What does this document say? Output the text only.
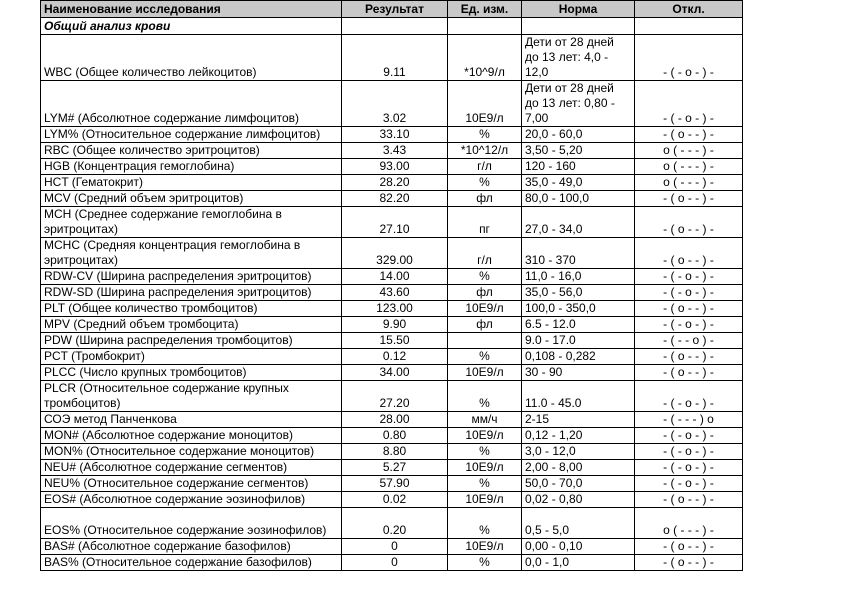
Наименование исследования	Результат	Ед. изм.	Норма	Откл.
Общий анализ крови				
WBC (Общее количество лейкоцитов)	9.11	*10^9/л	Дети от 28 дней
до 13 лет: 4,0 -
12,0	- ( - o - ) -
LYM# (Абсолютное содержание лимфоцитов)	3.02	10E9/л	Дети от 28 дней
до 13 лет: 0,80 -
7,00	- ( - o - ) -
LYM% (Относительное содержание лимфоцитов)	33.10	%	20,0 - 60,0	- ( o - - ) -
RBC (Общее количество эритроцитов)	3.43	*10^12/л	3,50 - 5,20	o ( - - - ) -
HGB (Концентрация гемоглобина)	93.00	г/л	120 - 160	o ( - - - ) -
HCT (Гематокрит)	28.20	%	35,0 - 49,0	o ( - - - ) -
MCV (Средний объем эритроцитов)	82.20	фл	80,0 - 100,0	- ( o - - ) -
MCH (Среднее содержание гемоглобина в эритроцитах)	27.10	пг	27,0 - 34,0	- ( o - - ) -
MCHC (Средняя концентрация гемоглобина в эритроцитах)	329.00	г/л	310 - 370	- ( o - - ) -
RDW-CV (Ширина распределения эритроцитов)	14.00	%	11,0 - 16,0	- ( - o - ) -
RDW-SD (Ширина распределения эритроцитов)	43.60	фл	35,0 - 56,0	- ( - o - ) -
PLT (Общее количество тромбоцитов)	123.00	10E9/л	100,0 - 350,0	- ( o - - ) -
MPV (Средний объем тромбоцита)	9.90	фл	6.5 - 12.0	- ( - o - ) -
PDW (Ширина распределения тромбоцитов)	15.50		9.0 - 17.0	- ( - - o ) -
PCT (Тромбокрит)	0.12	%	0,108 - 0,282	- ( o - - ) -
PLCC (Число крупных тромбоцитов)	34.00	10E9/л	30 - 90	- ( o - - ) -
PLCR (Относительное содержание крупных тромбоцитов)	27.20	%	11.0 - 45.0	- ( - o - ) -
СОЭ метод Панченкова	28.00	мм/ч	2-15	- ( - - - ) o
MON# (Абсолютное содержание моноцитов)	0.80	10E9/л	0,12 - 1,20	- ( - o - ) -
MON% (Относительное содержание моноцитов)	8.80	%	3,0 - 12,0	- ( - o - ) -
NEU# (Абсолютное содержание сегментов)	5.27	10E9/л	2,00 - 8,00	- ( - o - ) -
NEU% (Относительное содержание сегментов)	57.90	%	50,0 - 70,0	- ( - o - ) -
EOS# (Абсолютное содержание эозинофилов)	0.02	10E9/л	0,02 - 0,80	- ( o - - ) -
EOS% (Относительное содержание эозинофилов)	0.20	%	0,5 - 5,0	o ( - - - ) -
BAS# (Абсолютное содержание базофилов)	0	10E9/л	0,00 - 0,10	- ( o - - ) -
BAS% (Относительное содержание базофилов)	0	%	0,0 - 1,0	- ( o - - ) -
